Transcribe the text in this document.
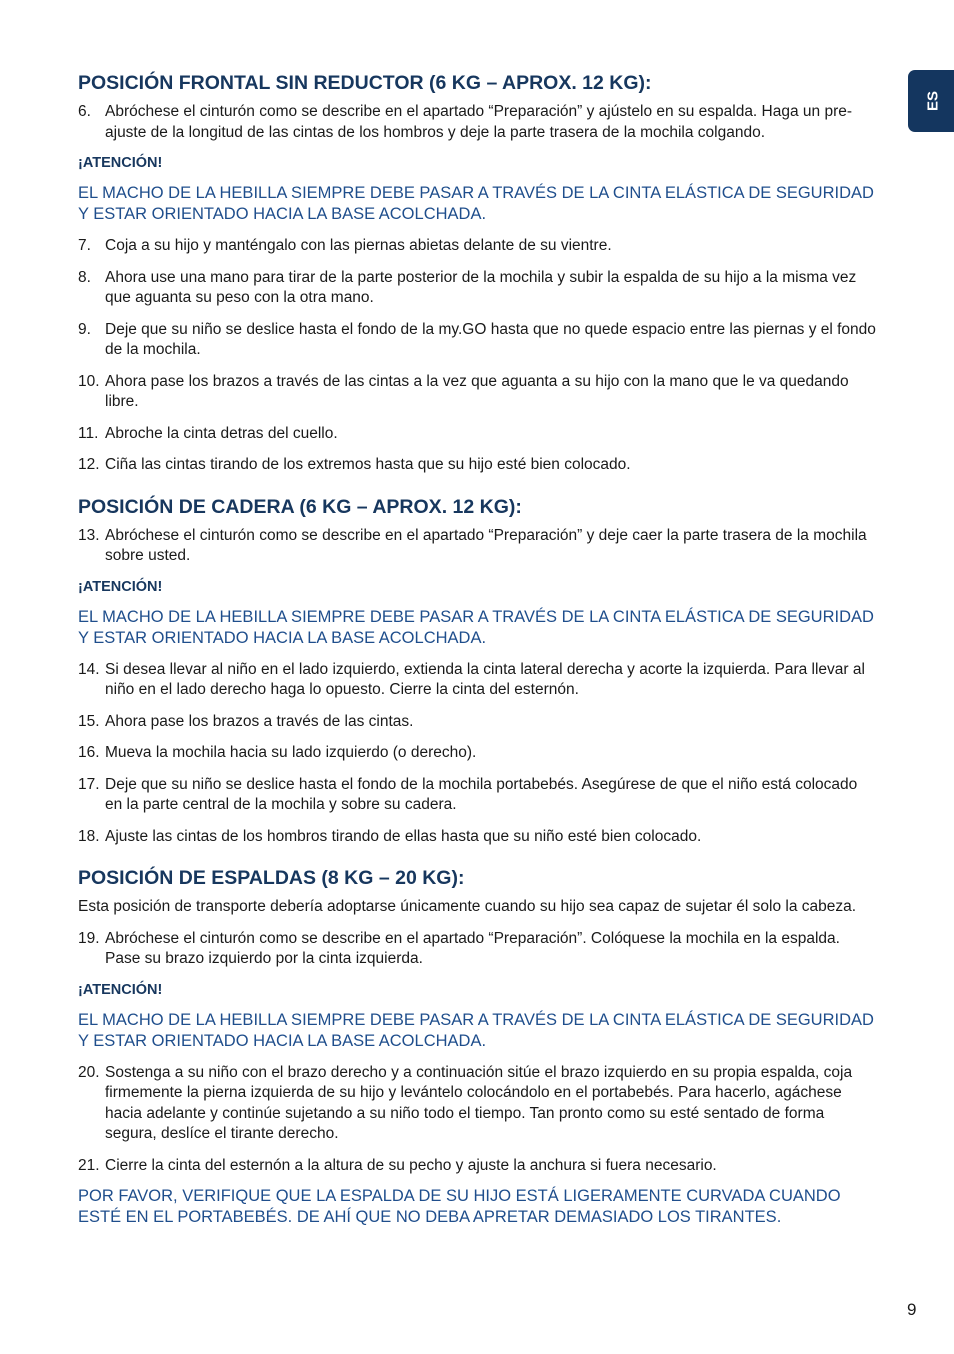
ES
POSICIÓN FRONTAL SIN REDUCTOR (6 KG – APROX. 12 KG):
6. Abróchese el cinturón como se describe en el apartado “Preparación” y ajústelo en su espalda. Haga un pre-ajuste de la longitud de las cintas de los hombros y deje la parte trasera de la mochila colgando.
¡ATENCIÓN!
EL MACHO DE LA HEBILLA SIEMPRE DEBE PASAR A TRAVÉS DE LA CINTA ELÁSTICA DE SEGURIDAD Y ESTAR ORIENTADO HACIA LA BASE ACOLCHADA.
7. Coja a su hijo y manténgalo con las piernas abietas delante de su vientre.
8. Ahora use una mano para tirar de la parte posterior de la mochila y subir la espalda de su hijo a la misma vez que aguanta su peso con la otra mano.
9. Deje que su niño se deslice hasta el fondo de la my.GO hasta que no quede espacio entre las piernas y el fondo de la mochila.
10. Ahora pase los brazos a través de las cintas a la vez que aguanta a su hijo con la mano que le va quedando libre.
11. Abroche la cinta detras del cuello.
12. Ciña las cintas tirando de los extremos hasta que su hijo esté bien colocado.
POSICIÓN DE CADERA (6 KG – APROX. 12 KG):
13. Abróchese el cinturón como se describe en el apartado “Preparación” y deje caer la parte trasera de la mochila sobre usted.
¡ATENCIÓN!
EL MACHO DE LA HEBILLA SIEMPRE DEBE PASAR A TRAVÉS DE LA CINTA ELÁSTICA DE SEGURIDAD Y ESTAR ORIENTADO HACIA LA BASE ACOLCHADA.
14. Si desea llevar al niño en el lado izquierdo, extienda la cinta lateral derecha y acorte la izquierda. Para llevar al niño en el lado derecho haga lo opuesto. Cierre la cinta del esternón.
15. Ahora pase los brazos a través de las cintas.
16. Mueva la mochila hacia su lado izquierdo (o derecho).
17. Deje que su niño se deslice hasta el fondo de la mochila portabebés. Asegúrese de que el niño está colocado en la parte central de la mochila y sobre su cadera.
18. Ajuste las cintas de los hombros tirando de ellas hasta que su niño esté bien colocado.
POSICIÓN DE ESPALDAS (8 KG – 20 KG):
Esta posición de transporte debería adoptarse únicamente cuando su hijo sea capaz de sujetar él solo la cabeza.
19. Abróchese el cinturón como se describe en el apartado “Preparación”. Colóquese la mochila en la espalda. Pase su brazo izquierdo por la cinta izquierda.
¡ATENCIÓN!
EL MACHO DE LA HEBILLA SIEMPRE DEBE PASAR A TRAVÉS DE LA CINTA ELÁSTICA DE SEGURIDAD Y ESTAR ORIENTADO HACIA LA BASE ACOLCHADA.
20. Sostenga a su niño con el brazo derecho y a continuación sitúe el brazo izquierdo en su propia espalda, coja firmemente la pierna izquierda de su hijo y levántelo colocándolo en el portabebés. Para hacerlo, agáchese hacia adelante y continúe sujetando a su niño todo el tiempo. Tan pronto como su esté sentado de forma segura, deslíce el tirante derecho.
21. Cierre la cinta del esternón a la altura de su pecho y ajuste la anchura si fuera necesario.
POR FAVOR, VERIFIQUE QUE LA ESPALDA DE SU HIJO ESTÁ LIGERAMENTE CURVADA CUANDO ESTÉ EN EL PORTABEBÉS. DE AHÍ QUE NO DEBA APRETAR DEMASIADO LOS TIRANTES.
9
